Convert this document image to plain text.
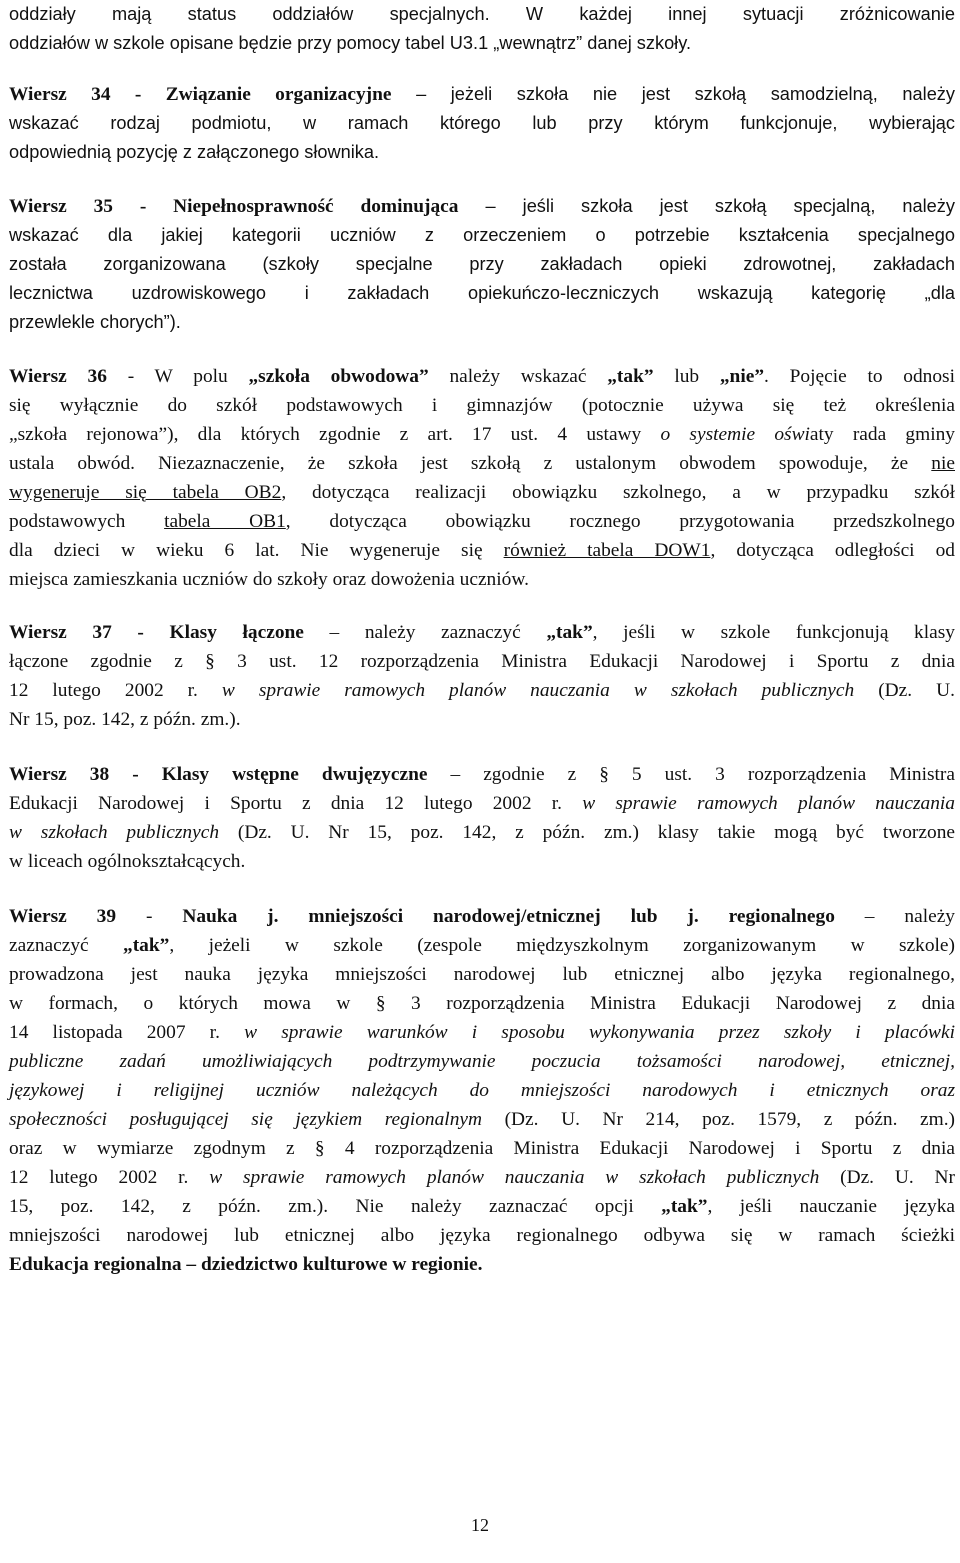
oddziały mają status oddziałów specjalnych. W każdej innej sytuacji zróżnicowanie
oddziałów w szkole opisane będzie przy pomocy tabel U3.1 „wewnątrz” danej szkoły.
Wiersz 34 - Związanie organizacyjne – jeżeli szkoła nie jest szkołą samodzielną, należy
wskazać rodzaj podmiotu, w ramach którego lub przy którym funkcjonuje, wybierając
odpowiednią pozycję z załączonego słownika.
Wiersz 35 - Niepełnosprawność dominująca – jeśli szkoła jest szkołą specjalną, należy
wskazać dla jakiej kategorii uczniów z orzeczeniem o potrzebie kształcenia specjalnego
została zorganizowana (szkoły specjalne przy zakładach opieki zdrowotnej, zakładach
lecznictwa uzdrowiskowego i zakładach opiekuńczo-leczniczych wskazują kategorię „dla
przewlekle chorych”).
Wiersz 36 - W polu „szkoła obwodowa” należy wskazać „tak” lub „nie”. Pojęcie to odnosi
się wyłącznie do szkół podstawowych i gimnazjów (potocznie używa się też określenia
„szkoła rejonowa”), dla których zgodnie z art. 17 ust. 4 ustawy o systemie oświaty rada gminy
ustala obwód. Niezaznaczenie, że szkoła jest szkołą z ustalonym obwodem spowoduje, że nie
wygeneruje się tabela OB2, dotycząca realizacji obowiązku szkolnego, a w przypadku szkół
podstawowych tabela OB1, dotycząca obowiązku rocznego przygotowania przedszkolnego
dla dzieci w wieku 6 lat. Nie wygeneruje się również tabela DOW1, dotycząca odległości od
miejsca zamieszkania uczniów do szkoły oraz dowożenia uczniów.
Wiersz 37 - Klasy łączone – należy zaznaczyć „tak”, jeśli w szkole funkcjonują klasy
łączone zgodnie z § 3 ust. 12 rozporządzenia Ministra Edukacji Narodowej i Sportu z dnia
12 lutego 2002 r. w sprawie ramowych planów nauczania w szkołach publicznych (Dz. U.
Nr 15, poz. 142, z późn. zm.).
Wiersz 38 - Klasy wstępne dwujęzyczne – zgodnie z § 5 ust. 3 rozporządzenia Ministra
Edukacji Narodowej i Sportu z dnia 12 lutego 2002 r. w sprawie ramowych planów nauczania
w szkołach publicznych (Dz. U. Nr 15, poz. 142, z późn. zm.) klasy takie mogą być tworzone
w liceach ogólnokształcących.
Wiersz 39 - Nauka j. mniejszości narodowej/etnicznej lub j. regionalnego – należy
zaznaczyć „tak”, jeżeli w szkole (zespole międzyszkolnym zorganizowanym w szkole)
prowadzona jest nauka języka mniejszości narodowej lub etnicznej albo języka regionalnego,
w formach, o których mowa w § 3 rozporządzenia Ministra Edukacji Narodowej z dnia
14 listopada 2007 r. w sprawie warunków i sposobu wykonywania przez szkoły i placówki
publiczne zadań umożliwiających podtrzymywanie poczucia tożsamości narodowej, etnicznej,
językowej i religijnej uczniów należących do mniejszości narodowych i etnicznych oraz
społeczności posługującej się językiem regionalnym (Dz. U. Nr 214, poz. 1579, z późn. zm.)
oraz w wymiarze zgodnym z § 4 rozporządzenia Ministra Edukacji Narodowej i Sportu z dnia
12 lutego 2002 r. w sprawie ramowych planów nauczania w szkołach publicznych (Dz. U. Nr
15, poz. 142, z późn. zm.). Nie należy zaznaczać opcji „tak”, jeśli nauczanie języka
mniejszości narodowej lub etnicznej albo języka regionalnego odbywa się w ramach ścieżki
Edukacja regionalna – dziedzictwo kulturowe w regionie.
12
